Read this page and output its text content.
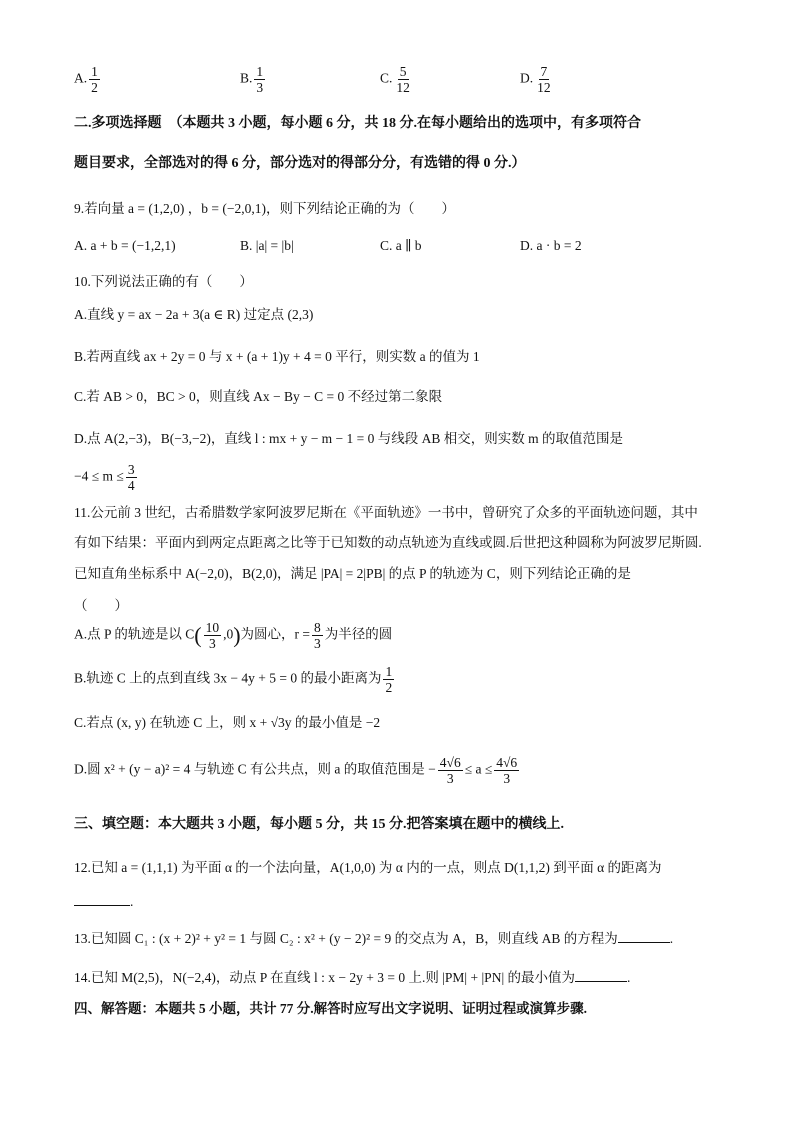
A. $\frac{1}{2}$	B. $\frac{1}{3}$	C. $\frac{5}{12}$	D. $\frac{7}{12}$
二.多项选择题　（本题共 3 小题，每小题 6 分，共 18 分.在每小题给出的选项中，有多项符合
题目要求，全部选对的得 6 分，部分选对的得部分分，有选错的得 0 分.）
9.若向量 a = (1,2,0) ，b = (−2,0,1)，则下列结论正确的为（　　）
A. a + b = (−1,2,1)	B. |a| = |b|	C. a ∥ b	D. a · b = 2
10.下列说法正确的有（　　）
A.直线 y = ax − 2a + 3(a ∈ R) 过定点 (2,3)
B.若两直线 ax + 2y = 0 与 x + (a + 1)y + 4 = 0 平行，则实数 a 的值为 1
C.若 AB > 0，BC > 0，则直线 Ax − By − C = 0 不经过第二象限
D.点 A(2,−3)，B(−3,−2)，直线 l : mx + y − m − 1 = 0 与线段 AB 相交，则实数 m 的取值范围是
$-4 \le m \le \frac{3}{4}$
11.公元前 3 世纪，古希腊数学家阿波罗尼斯在《平面轨迹》一书中，曾研究了众多的平面轨迹问题，其中
有如下结果：平面内到两定点距离之比等于已知数的动点轨迹为直线或圆.后世把这种圆称为阿波罗尼斯圆.
已知直角坐标系中 A(−2,0)，B(2,0)，满足 |PA| = 2|PB| 的点 P 的轨迹为 C，则下列结论正确的是
（　　）
A.点 P 的轨迹是以 $C( \frac{10}{3} ,0)$为圆心，$r = \frac{8}{3}$ 为半径的圆
B.轨迹 C 上的点到直线 3x − 4y + 5 = 0 的最小距离为 $\frac{1}{2}$
C.若点 (x, y) 在轨迹 C 上，则 x + √3y 的最小值是 −2
D.圆 x² + (y − a)² = 4 与轨迹 C 有公共点，则 a 的取值范围是 − $\frac{4√6}{3} \le a \le \frac{4√6}{3}$
三、填空题：本大题共 3 小题，每小题 5 分，共 15 分.把答案填在题中的横线上.
12.已知 a = (1,1,1) 为平面 α 的一个法向量，A(1,0,0) 为 α 内的一点，则点 D(1,1,2) 到平面 α 的距离为
.
13.已知圆 C₁ : (x + 2)² + y² = 1 与圆 C₂ : x² + (y − 2)² = 9 的交点为 A，B，则直线 AB 的方程为	.
14.已知 M(2,5)，N(−2,4)，动点 P 在直线 l : x − 2y + 3 = 0 上.则 |PM| + |PN| 的最小值为	.
四、解答题：本题共 5 小题，共计 77 分.解答时应写出文字说明、证明过程或演算步骤.
